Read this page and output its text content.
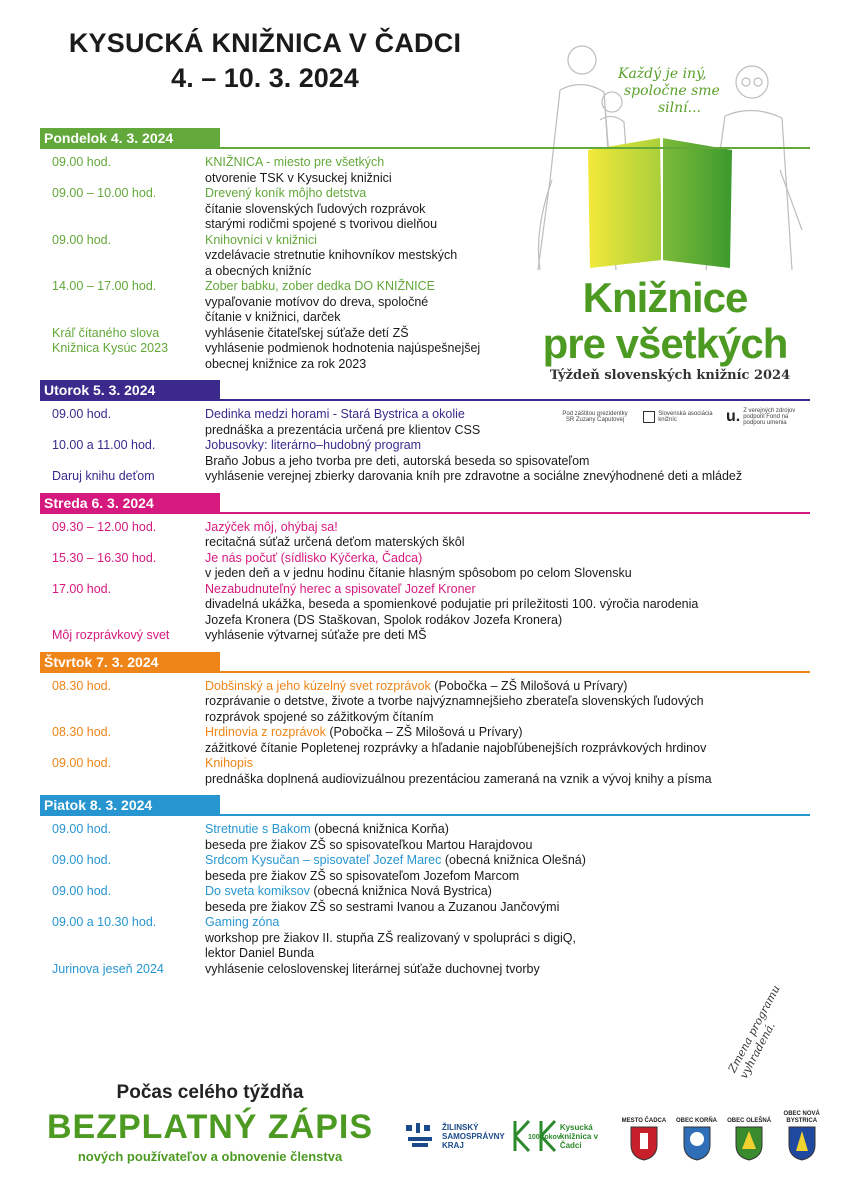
KYSUCKÁ KNIŽNICA V ČADCI
4. – 10. 3. 2024	Každý je iný,
spoločne sme
silní...
Knižnice
pre všetkých
Týždeň slovenských knižníc 2024
Pod záštitou prezidentky SR Zuzany Čaputovej
Slovenská asociácia knižníc	u. Z verejných zdrojov podporil Fond na podporu umenia
Pondelok 4. 3. 2024
09.00 hod.	KNIŽNICA - miesto pre všetkých
otvorenie TSK v Kysuckej knižnici
09.00 – 10.00 hod.	Drevený koník môjho detstva
čítanie slovenských ľudových rozprávok
starými rodičmi spojené s tvorivou dielňou
09.00 hod.	Knihovníci v knižnici
vzdelávacie stretnutie knihovníkov mestských
a obecných knižníc
14.00 – 17.00 hod.	Zober babku, zober dedka DO KNIŽNICE
vypaľovanie motívov do dreva, spoločné
čítanie v knižnici, darček
Kráľ čítaného slova	vyhlásenie čitateľskej súťaže detí ZŠ
Knižnica Kysúc 2023	vyhlásenie podmienok hodnotenia najúspešnejšej
obecnej knižnice za rok 2023
Utorok 5. 3. 2024
09.00 hod.	Dedinka medzi horami - Stará Bystrica a okolie
prednáška a prezentácia určená pre klientov CSS
10.00 a 11.00 hod.	Jobusovky: literárno–hudobný program
Braňo Jobus a jeho tvorba pre deti, autorská beseda so spisovateľom
Daruj knihu deťom	vyhlásenie verejnej zbierky darovania kníh pre zdravotne a sociálne znevýhodnené deti a mládež
Streda 6. 3. 2024
09.30 – 12.00 hod.	Jazýček môj, ohýbaj sa!
recitačná súťaž určená deťom materských škôl
15.30 – 16.30 hod.	Je nás počuť (sídlisko Kýčerka, Čadca)
v jeden deň a v jednu hodinu čítanie hlasným spôsobom po celom Slovensku
17.00 hod.	Nezabudnuteľný herec a spisovateľ Jozef Kroner
divadelná ukážka, beseda a spomienkové podujatie pri príležitosti 100. výročia narodenia
Jozefa Kronera (DS Staškovan, Spolok rodákov Jozefa Kronera)
Môj rozprávkový svet	vyhlásenie výtvarnej súťaže pre deti MŠ
Štvrtok 7. 3. 2024
08.30 hod.	Dobšinský a jeho kúzelný svet rozprávok (Pobočka – ZŠ Milošová u Prívary)
rozprávanie o detstve, živote a tvorbe najvýznamnejšieho zberateľa slovenských ľudových
rozprávok spojené so zážitkovým čítaním
08.30 hod.	Hrdinovia z rozprávok (Pobočka – ZŠ Milošová u Prívary)
zážitkové čítanie Popletenej rozprávky a hľadanie najobľúbenejších rozprávkových hrdinov
09.00 hod.	Knihopis
prednáška doplnená audiovizuálnou prezentáciou zameraná na vznik a vývoj knihy a písma
Piatok 8. 3. 2024
09.00 hod.	Stretnutie s Bakom (obecná knižnica Korňa)
beseda pre žiakov ZŠ so spisovateľkou Martou Harajdovou
09.00 hod.	Srdcom Kysučan – spisovateľ Jozef Marec (obecná knižnica Olešná)
beseda pre žiakov ZŠ so spisovateľom Jozefom Marcom
09.00 hod.	Do sveta komiksov (obecná knižnica Nová Bystrica)
beseda pre žiakov ZŠ so sestrami Ivanou a Zuzanou Jančovými
09.00 a 10.30 hod.	Gaming zóna
workshop pre žiakov II. stupňa ZŠ realizovaný v spolupráci s digiQ,
lektor Daniel Bunda
Jurinova jeseň 2024	vyhlásenie celoslovenskej literárnej súťaže duchovnej tvorby
Zmena programu vyhradená.
Počas celého týždňa
BEZPLATNÝ ZÁPIS
nových používateľov a obnovenie členstva
ŽILINSKÝ SAMOSPRÁVNY KRAJ
100 rokov
Kysucká knižnica v Čadci
MESTO ČADCA OBEC KORŇA OBEC OLEŠNÁ
OBEC NOVÁ BYSTRICA
